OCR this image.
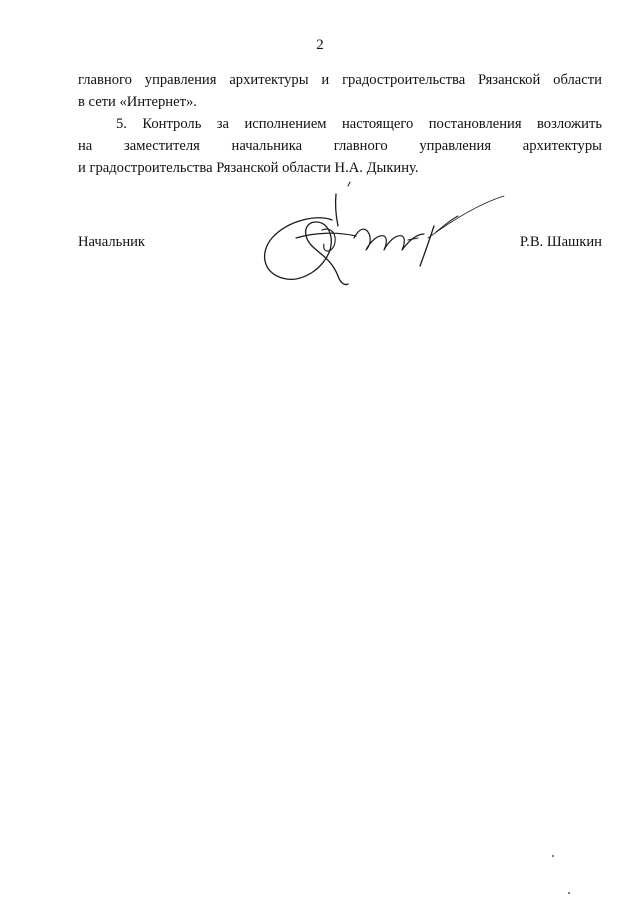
2
главного управления архитектуры и градостроительства Рязанской области
в сети «Интернет».
5. Контроль за исполнением настоящего постановления возложить
на заместителя начальника главного управления архитектуры
и градостроительства Рязанской области Н.А. Дыкину.
Начальник	Р.В. Шашкин
